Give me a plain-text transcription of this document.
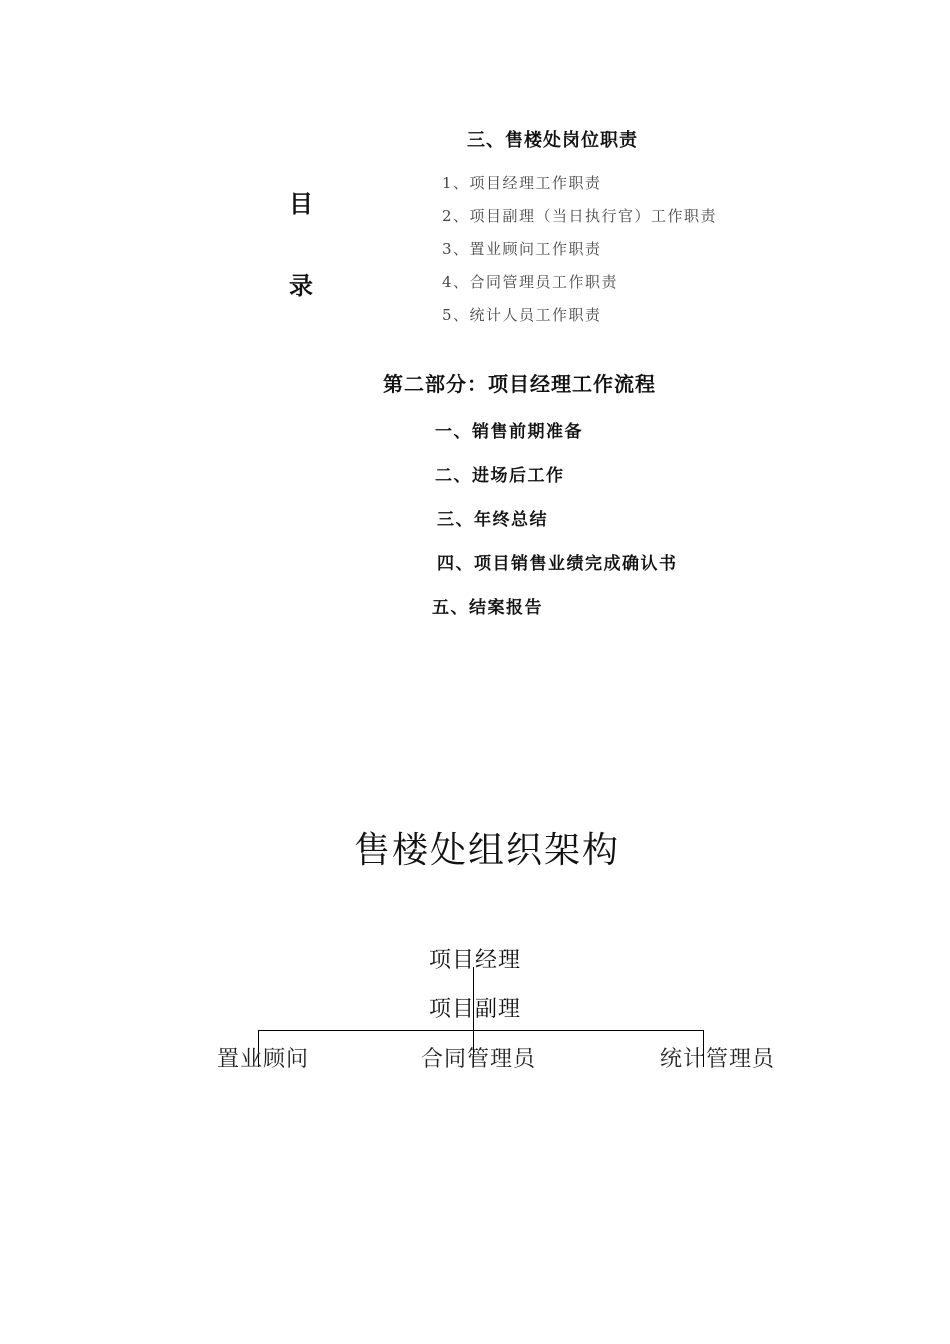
目
录
三、售楼处岗位职责
1、项目经理工作职责
2、项目副理（当日执行官）工作职责
3、置业顾问工作职责
4、合同管理员工作职责
5、统计人员工作职责
第二部分：项目经理工作流程
一、销售前期准备
二、进场后工作
三、年终总结
四、项目销售业绩完成确认书
五、结案报告
售楼处组织架构
项目经理
项目副理
置业顾问	合同管理员	统计管理员
